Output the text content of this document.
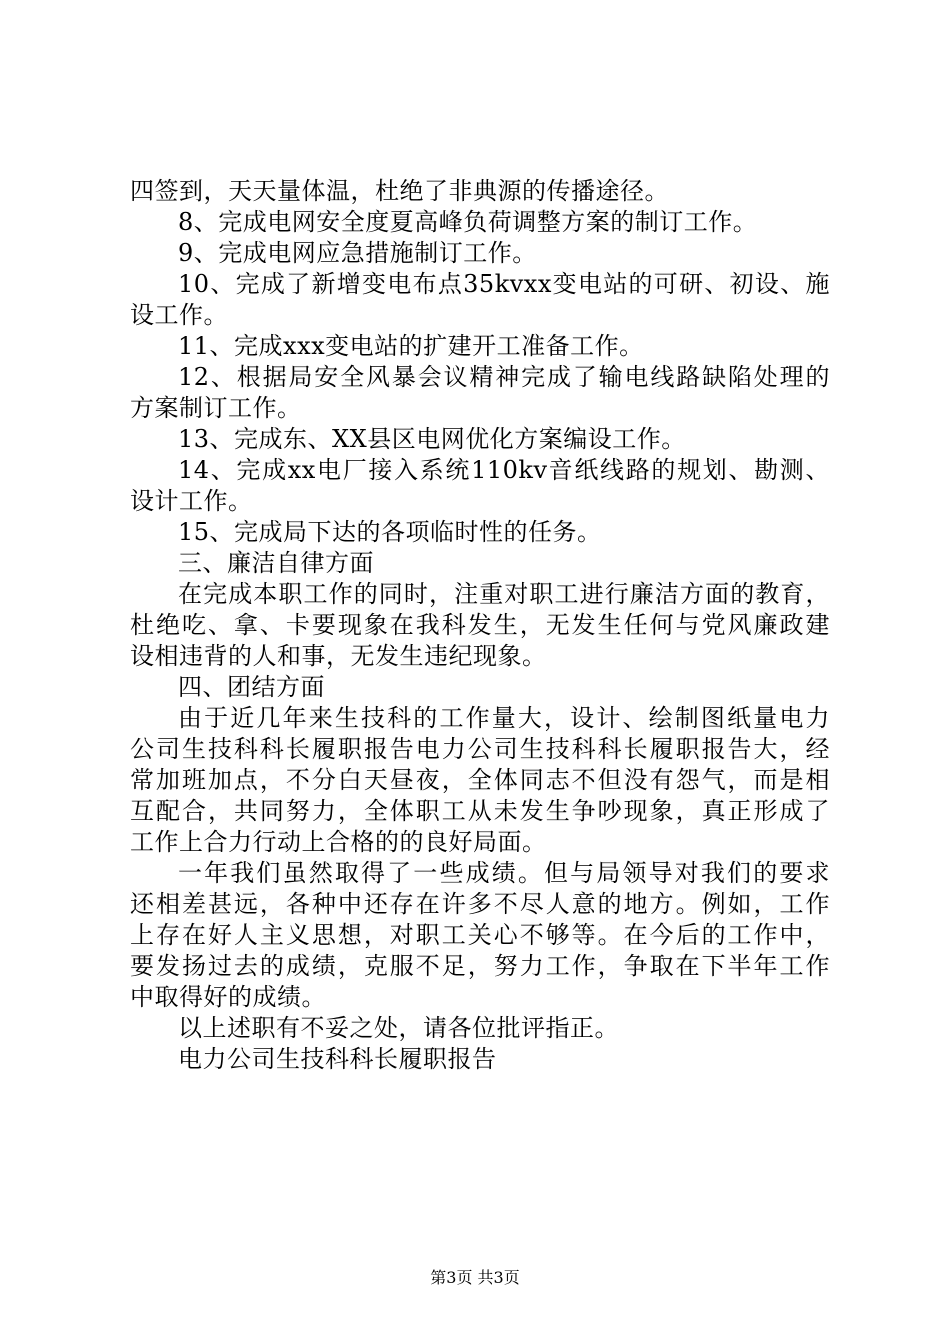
四签到，天天量体温，杜绝了非典源的传播途径。
8、完成电网安全度夏高峰负荷调整方案的制订工作。
9、完成电网应急措施制订工作。
10、完成了新增变电布点35kvxx变电站的可研、初设、施
设工作。
11、完成xxx变电站的扩建开工准备工作。
12、根据局安全风暴会议精神完成了输电线路缺陷处理的
方案制订工作。
13、完成东、XX县区电网优化方案编设工作。
14、完成xx电厂接入系统110kv音纸线路的规划、勘测、
设计工作。
15、完成局下达的各项临时性的任务。
三、廉洁自律方面
在完成本职工作的同时，注重对职工进行廉洁方面的教育，
杜绝吃、拿、卡要现象在我科发生，无发生任何与党风廉政建
设相违背的人和事，无发生违纪现象。
四、团结方面
由于近几年来生技科的工作量大，设计、绘制图纸量电力
公司生技科科长履职报告电力公司生技科科长履职报告大，经
常加班加点，不分白天昼夜，全体同志不但没有怨气，而是相
互配合，共同努力，全体职工从未发生争吵现象，真正形成了
工作上合力行动上合格的的良好局面。
一年我们虽然取得了一些成绩。但与局领导对我们的要求
还相差甚远，各种中还存在许多不尽人意的地方。例如，工作
上存在好人主义思想，对职工关心不够等。在今后的工作中，
要发扬过去的成绩，克服不足，努力工作，争取在下半年工作
中取得好的成绩。
以上述职有不妥之处，请各位批评指正。
电力公司生技科科长履职报告
第3页 共3页
